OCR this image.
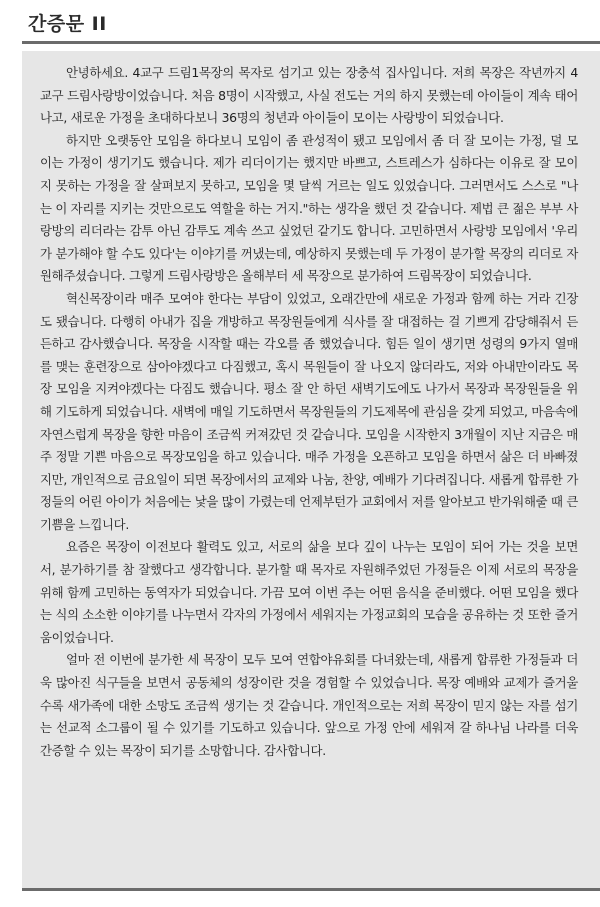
간증문 II

안녕하세요. 4교구 드림1목장의 목자로 섬기고 있는 장충석 집사입니다. 저희 목장은 작년까지 4교구 드림사랑방이었습니다. 처음 8명이 시작했고, 사실 전도는 거의 하지 못했는데 아이들이 계속 태어나고, 새로운 가정을 초대하다보니 36명의 청년과 아이들이 모이는 사랑방이 되었습니다.

하지만 오랫동안 모임을 하다보니 모임이 좀 관성적이 됐고 모임에서 좀 더 잘 모이는 가정, 덜 모이는 가정이 생기기도 했습니다. 제가 리더이기는 했지만 바쁘고, 스트레스가 심하다는 이유로 잘 모이지 못하는 가정을 잘 살펴보지 못하고, 모임을 몇 달씩 거르는 일도 있었습니다. 그러면서도 스스로 "나는 이 자리를 지키는 것만으로도 역할을 하는 거지."하는 생각을 했던 것 같습니다. 제법 큰 젊은 부부 사랑방의 리더라는 감투 아닌 감투도 계속 쓰고 싶었던 같기도 합니다. 고민하면서 사랑방 모임에서 '우리가 분가해야 할 수도 있다'는 이야기를 꺼냈는데, 예상하지 못했는데 두 가정이 분가할 목장의 리더로 자원해주셨습니다. 그렇게 드림사랑방은 올해부터 세 목장으로 분가하여 드림목장이 되었습니다.

혁신목장이라 매주 모여야 한다는 부담이 있었고, 오래간만에 새로운 가정과 함께 하는 거라 긴장도 됐습니다. 다행히 아내가 집을 개방하고 목장원들에게 식사를 잘 대접하는 걸 기쁘게 감당해줘서 든든하고 감사했습니다. 목장을 시작할 때는 각오를 좀 했었습니다. 힘든 일이 생기면 성령의 9가지 열매를 맺는 훈련장으로 삼아야겠다고 다짐했고, 혹시 목원들이 잘 나오지 않더라도, 저와 아내만이라도 목장 모임을 지켜야겠다는 다짐도 했습니다. 평소 잘 안 하던 새벽기도에도 나가서 목장과 목장원들을 위해 기도하게 되었습니다. 새벽에 매일 기도하면서 목장원들의 기도제목에 관심을 갖게 되었고, 마음속에 자연스럽게 목장을 향한 마음이 조금씩 커져갔던 것 같습니다. 모임을 시작한지 3개월이 지난 지금은 매주 정말 기쁜 마음으로 목장모임을 하고 있습니다. 매주 가정을 오픈하고 모임을 하면서 삶은 더 바빠졌지만, 개인적으로 금요일이 되면 목장에서의 교제와 나눔, 찬양, 예배가 기다려집니다. 새롭게 합류한 가정들의 어린 아이가 처음에는 낯을 많이 가렸는데 언제부턴가 교회에서 저를 알아보고 반가워해줄 때 큰 기쁨을 느낍니다.

요즘은 목장이 이전보다 활력도 있고, 서로의 삶을 보다 깊이 나누는 모임이 되어 가는 것을 보면서, 분가하기를 참 잘했다고 생각합니다. 분가할 때 목자로 자원해주었던 가정들은 이제 서로의 목장을 위해 함께 고민하는 동역자가 되었습니다. 가끔 모여 이번 주는 어떤 음식을 준비했다. 어떤 모임을 했다는 식의 소소한 이야기를 나누면서 각자의 가정에서 세워지는 가정교회의 모습을 공유하는 것 또한 즐거움이었습니다.

얼마 전 이번에 분가한 세 목장이 모두 모여 연합야유회를 다녀왔는데, 새롭게 합류한 가정들과 더욱 많아진 식구들을 보면서 공동체의 성장이란 것을 경험할 수 있었습니다. 목장 예배와 교제가 즐거울수록 새가족에 대한 소망도 조금씩 생기는 것 같습니다. 개인적으로는 저희 목장이 믿지 않는 자를 섬기는 선교적 소그룹이 될 수 있기를 기도하고 있습니다. 앞으로 가정 안에 세워져 갈 하나님 나라를 더욱 간증할 수 있는 목장이 되기를 소망합니다. 감사합니다.
